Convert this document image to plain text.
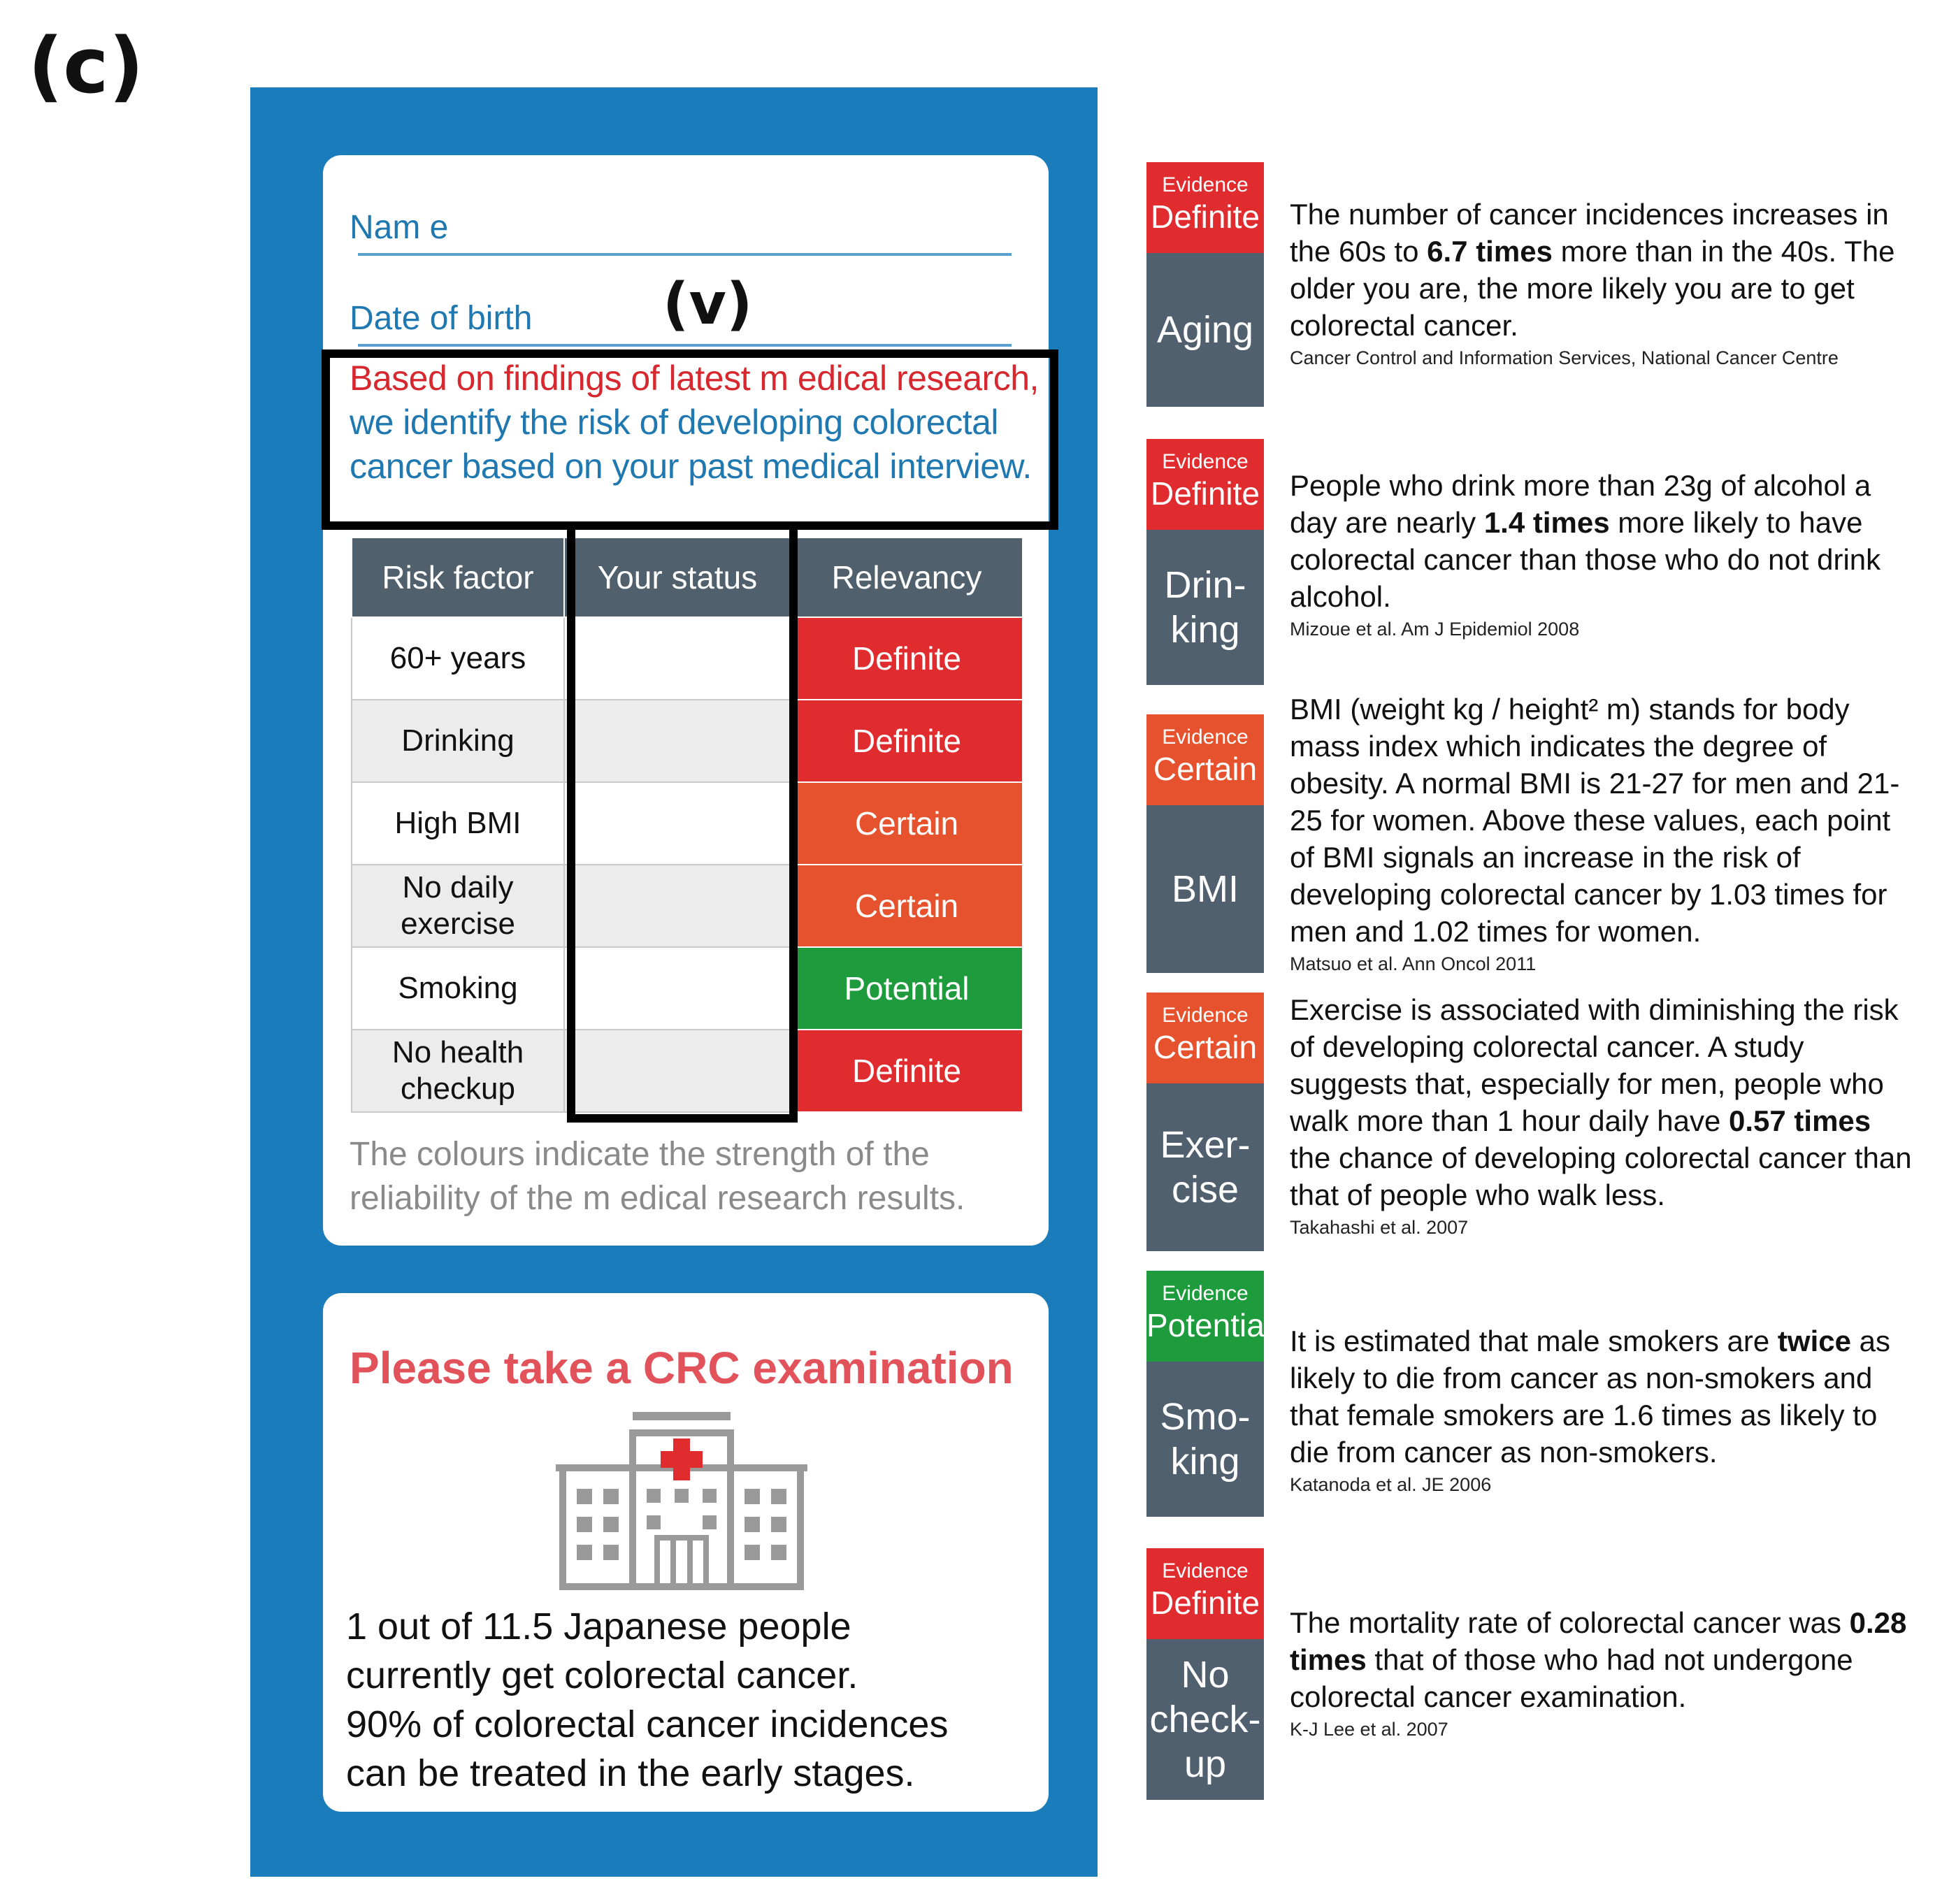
(c)
Nam e
Date of birth (v)
Based on findings of latest m edical research, we identify the risk of developing colorectal cancer based on your past medical interview.
Risk factor	Your status	Relevancy
60+ years		Definite
Drinking		Definite
High BMI		Certain
No daily exercise		Certain
Smoking		Potential
No health checkup		Definite
The colours indicate the strength of the reliability of the m edical research results.
Please take a CRC examination
1 out of 11.5 Japanese people
currently get colorectal cancer.
90% of colorectal cancer incidences
can be treated in the early stages.
Evidence
Definite
Aging
The number of cancer incidences increases in the 60s to 6.7 times more than in the 40s. The older you are, the more likely you are to get colorectal cancer.
Cancer Control and Information Services, National Cancer Centre
Evidence
Definite
Drin- king
People who drink more than 23g of alcohol a day are nearly 1.4 times more likely to have colorectal cancer than those who do not drink alcohol.
Mizoue et al. Am J Epidemiol 2008
Evidence
Certain
BMI
BMI (weight kg / height² m) stands for body mass index which indicates the degree of obesity. A normal BMI is 21-27 for men and 21-25 for women. Above these values, each point of BMI signals an increase in the risk of developing colorectal cancer by 1.03 times for men and 1.02 times for women.
Matsuo et al. Ann Oncol 2011
Evidence
Certain
Exer- cise
Exercise is associated with diminishing the risk of developing colorectal cancer. A study suggests that, especially for men, people who walk more than 1 hour daily have 0.57 times the chance of developing colorectal cancer than that of people who walk less.
Takahashi et al. 2007
Evidence
Potential
Smo- king
It is estimated that male smokers are twice as likely to die from cancer as non-smokers and that female smokers are 1.6 times as likely to die from cancer as non-smokers.
Katanoda et al. JE 2006
Evidence
Definite
No check- up
The mortality rate of colorectal cancer was 0.28 times that of those who had not undergone colorectal cancer examination.
K-J Lee et al. 2007
